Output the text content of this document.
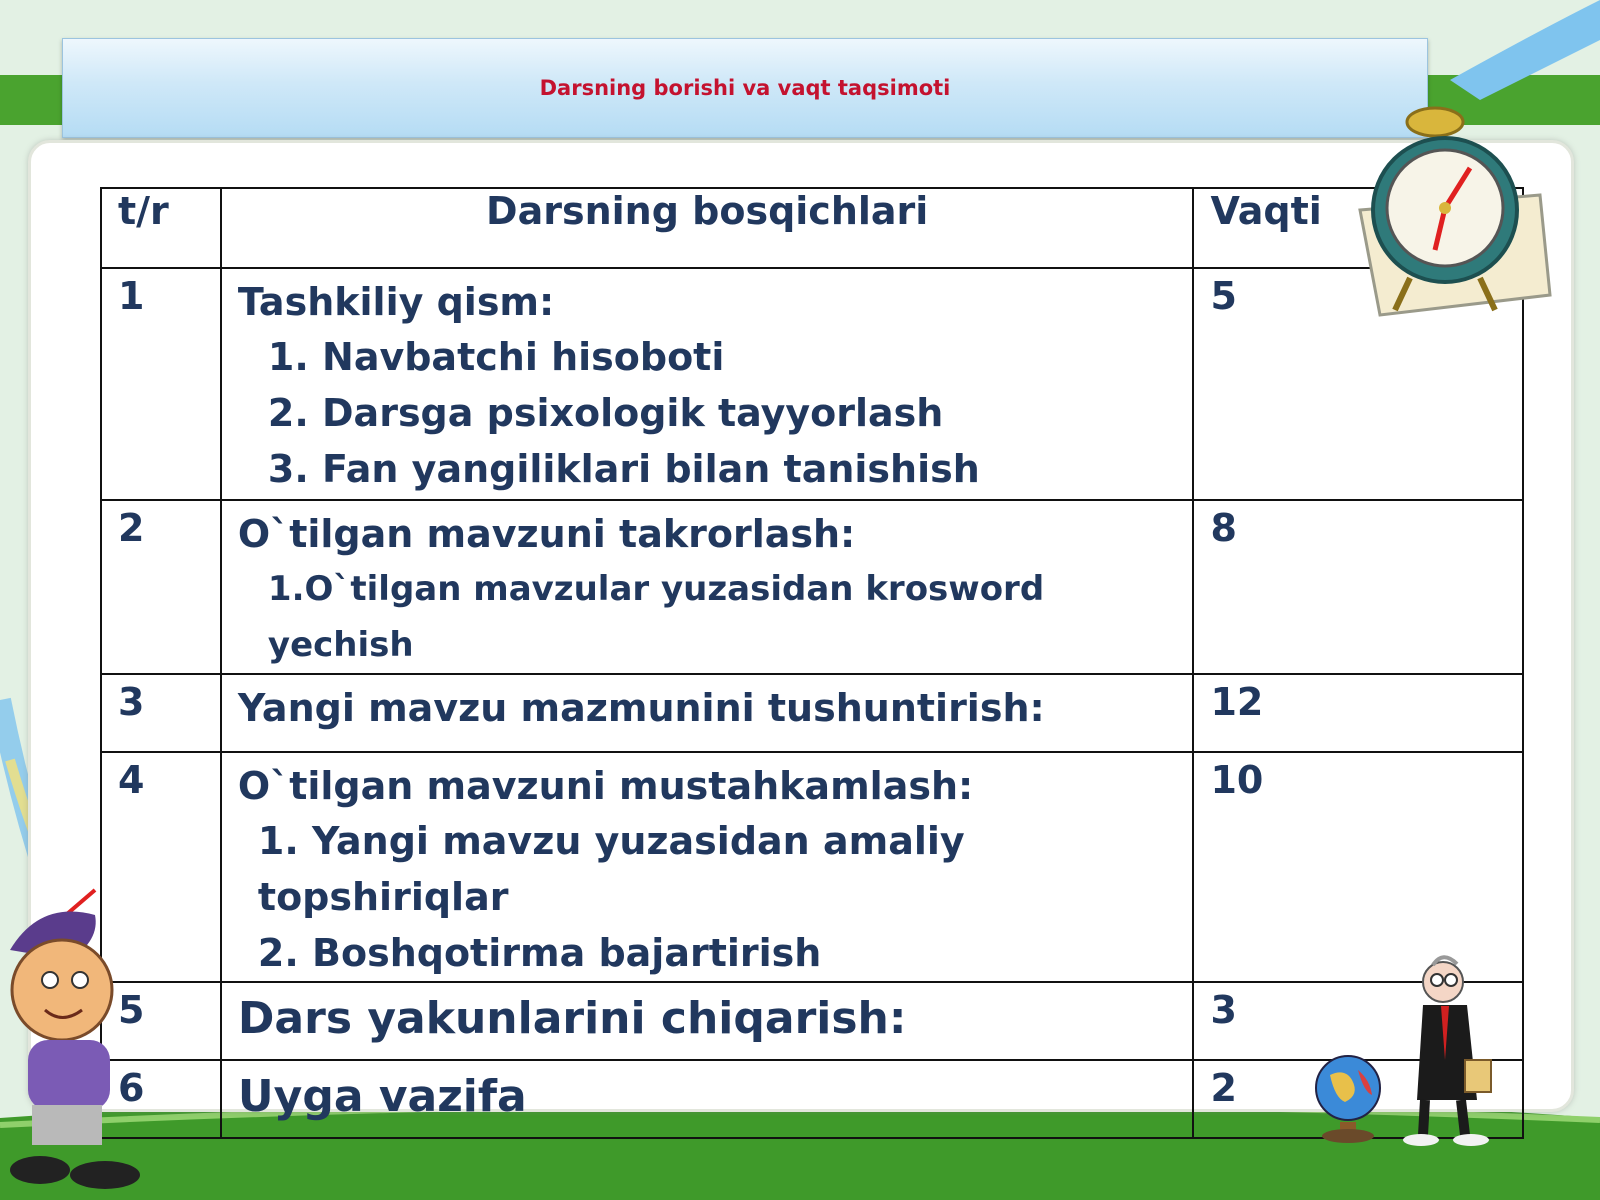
Darsning borishi va vaqt taqsimoti
t/r	Darsning bosqichlari	Vaqti
1	Tashkiliy qism:
1. Navbatchi hisoboti
2. Darsga psixologik tayyorlash
3. Fan yangiliklari bilan tanishish	5
2	O`tilgan mavzuni takrorlash:
1.O`tilgan mavzular yuzasidan krosword yechish	8
3	Yangi mavzu mazmunini tushuntirish:	12
4	O`tilgan mavzuni mustahkamlash:
1. Yangi mavzu yuzasidan amaliy topshiriqlar
2. Boshqotirma bajartirish	10
5	Dars yakunlarini chiqarish:	3
6	Uyga vazifa	2
